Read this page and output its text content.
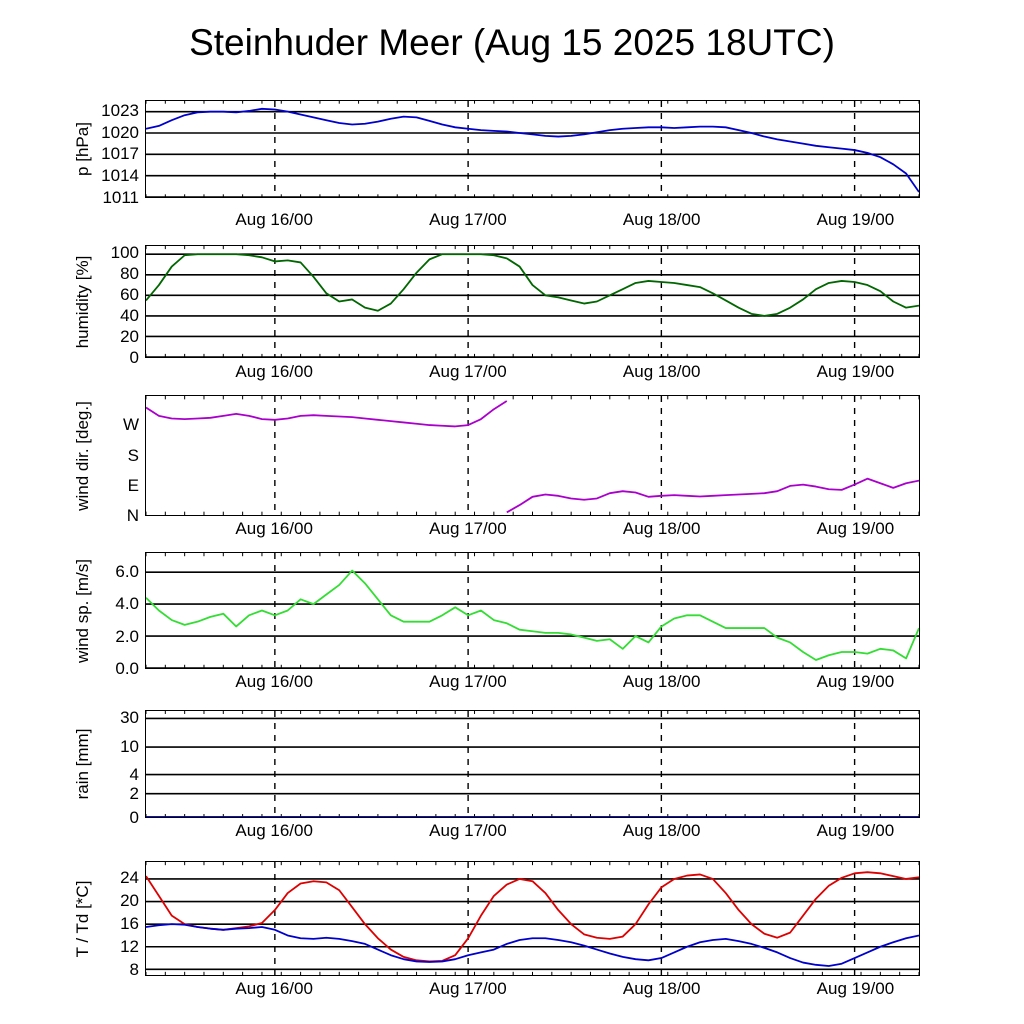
Steinhuder Meer (Aug 15 2025 18UTC)
1011
1014
1017
1020
1023
p [hPa]
Aug 16/00	Aug 17/00	Aug 18/00	Aug 19/00
0
20
40
60
80
100
humidity [%]
Aug 16/00	Aug 17/00	Aug 18/00	Aug 19/00
N
E
S
W
wind dir. [deg.]
Aug 16/00	Aug 17/00	Aug 18/00	Aug 19/00
0.0
2.0
4.0
6.0
wind sp. [m/s]
Aug 16/00	Aug 17/00	Aug 18/00	Aug 19/00
0
2
4
10
30
rain [mm]
Aug 16/00	Aug 17/00	Aug 18/00	Aug 19/00
8
12
16
20
24
T / Td [*C]
Aug 16/00	Aug 17/00	Aug 18/00	Aug 19/00
